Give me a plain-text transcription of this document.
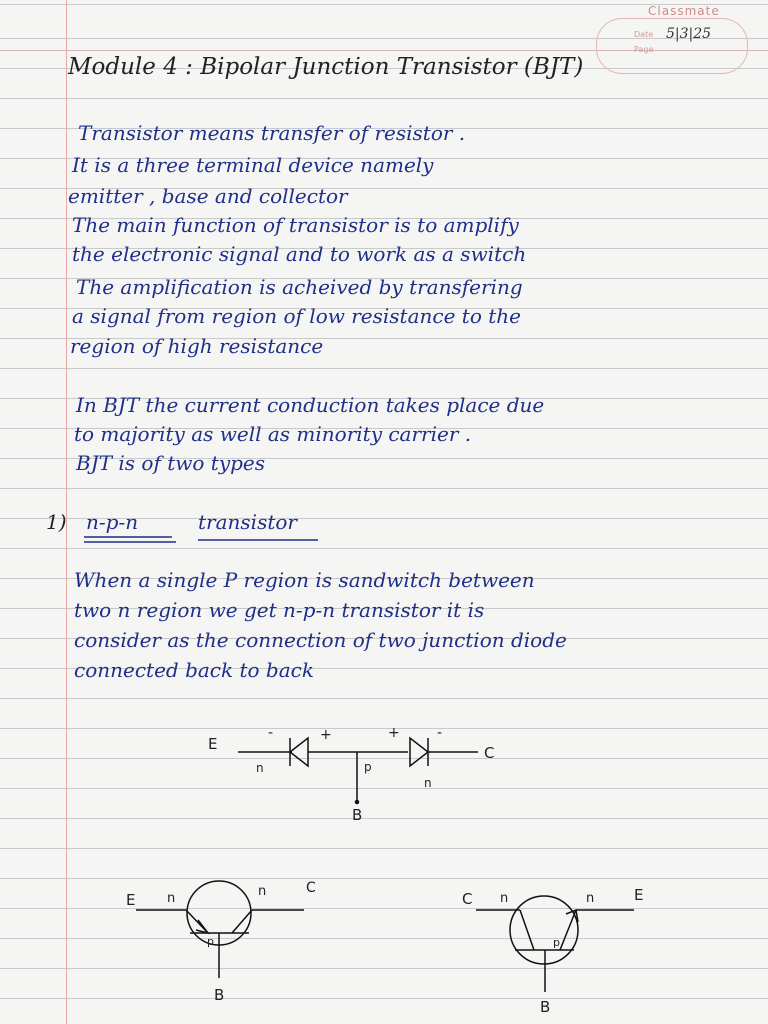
Classmate
Date
Page
5|3|25
Module 4 : Bipolar Junction Transistor (BJT)
Transistor means transfer of resistor .
It is a three terminal device namely
emitter , base and collector
The main function of transistor is to amplify
the electronic signal and to work as a switch
The amplification is acheived by transfering
a signal from region of low resistance to the
region of high resistance
In BJT the current conduction takes place due
to majority as well as minority carrier .
BJT is of two types
1) n-p-n	transistor
When a single P region is sandwitch between
two n region we get n-p-n transistor it is
consider as the connection of two junction diode
connected back to back
E	C
B
n
n
p
-	+	+	-
E
C
B
n	n
p
C	E
B
n	n
p
